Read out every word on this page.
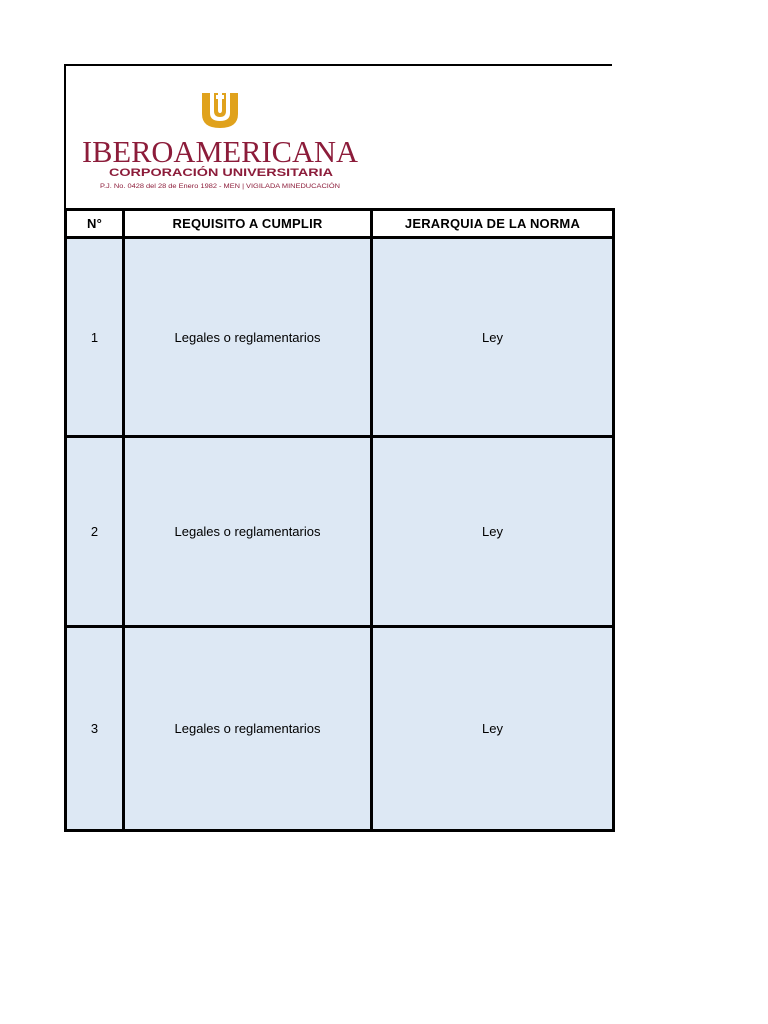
IBEROAMERICANA
CORPORACIÓN UNIVERSITARIA
P.J. No. 0428 del 28 de Enero 1982 - MEN | VIGILADA MINEDUCACIÓN
N°	REQUISITO A CUMPLIR	JERARQUIA DE LA NORMA
1	Legales o reglamentarios	Ley
2	Legales o reglamentarios	Ley
3	Legales o reglamentarios	Ley
